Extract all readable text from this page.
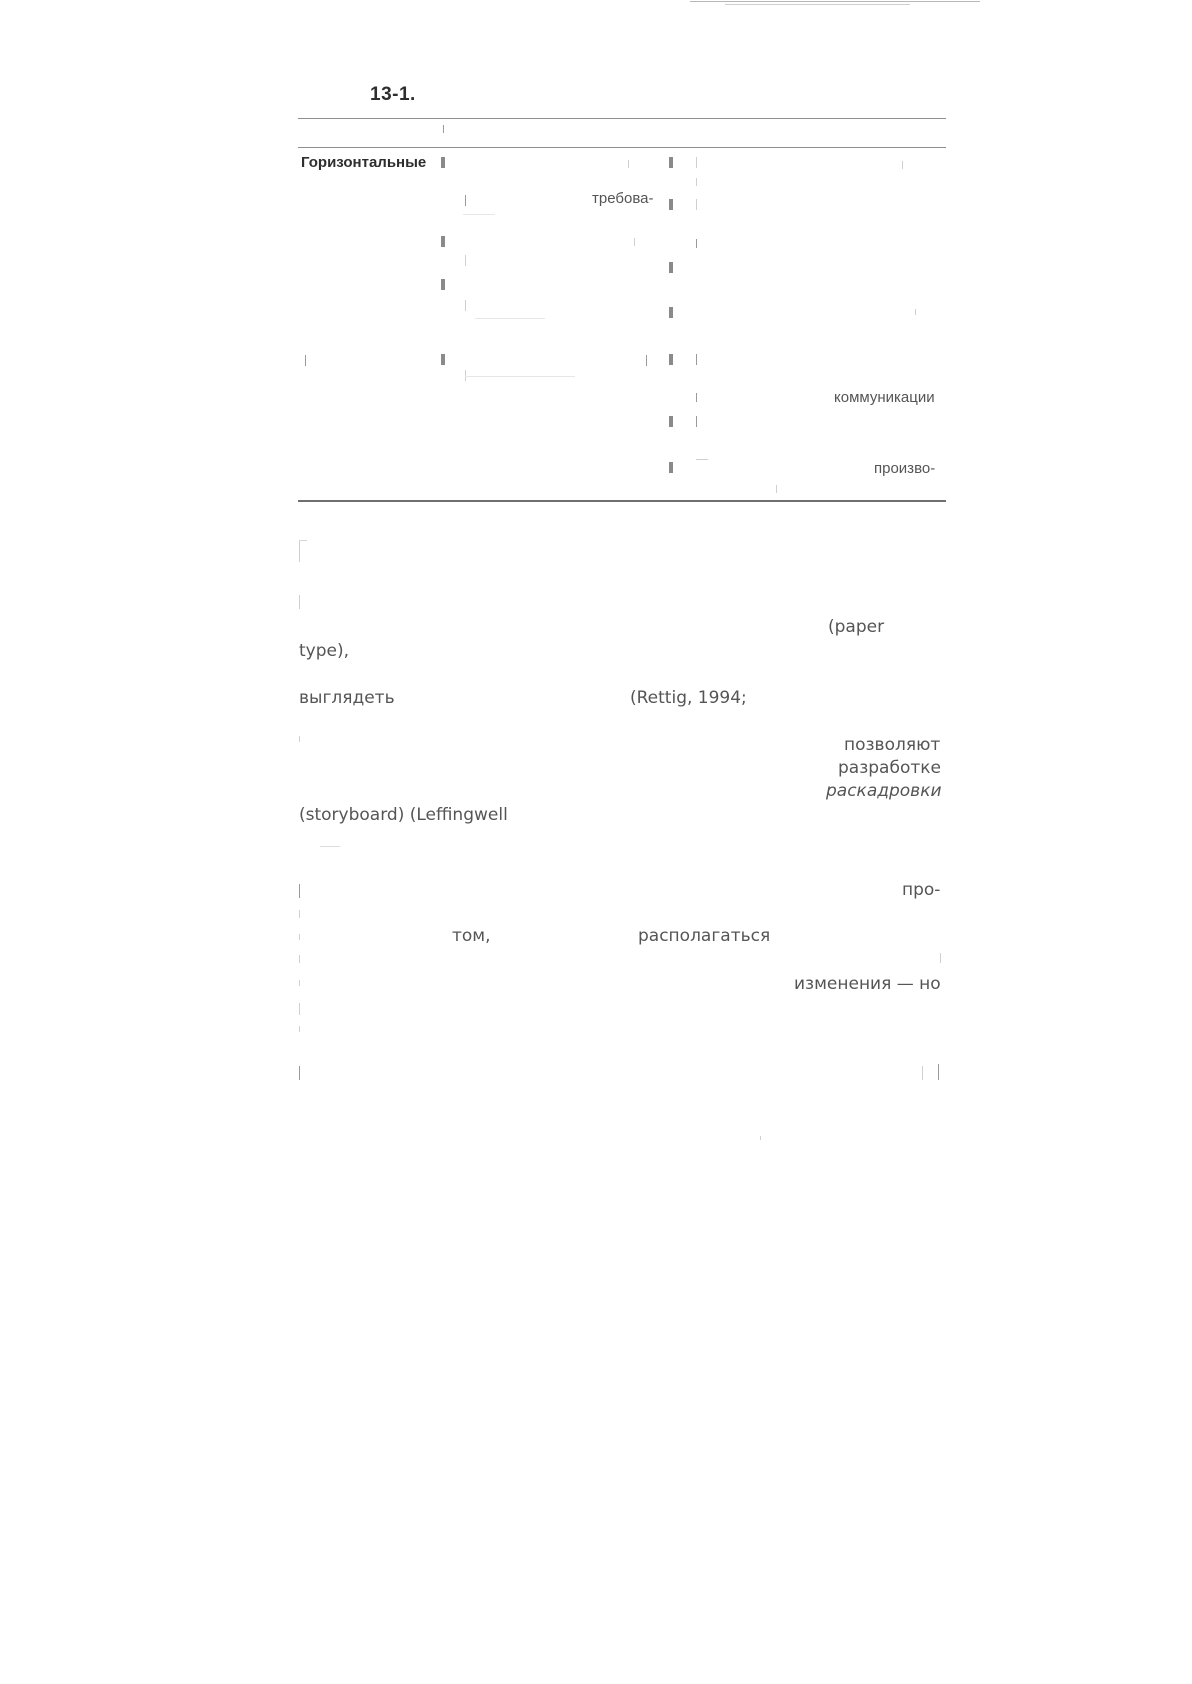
13-1.
Горизонтальные
требова-
коммуникации
произво-
(paper
type),
выглядеть	(Rettig, 1994;
позволяют
разработке
раскадровки
(storyboard) (Leffingwell
про-
том,	располагаться
изменения — но
